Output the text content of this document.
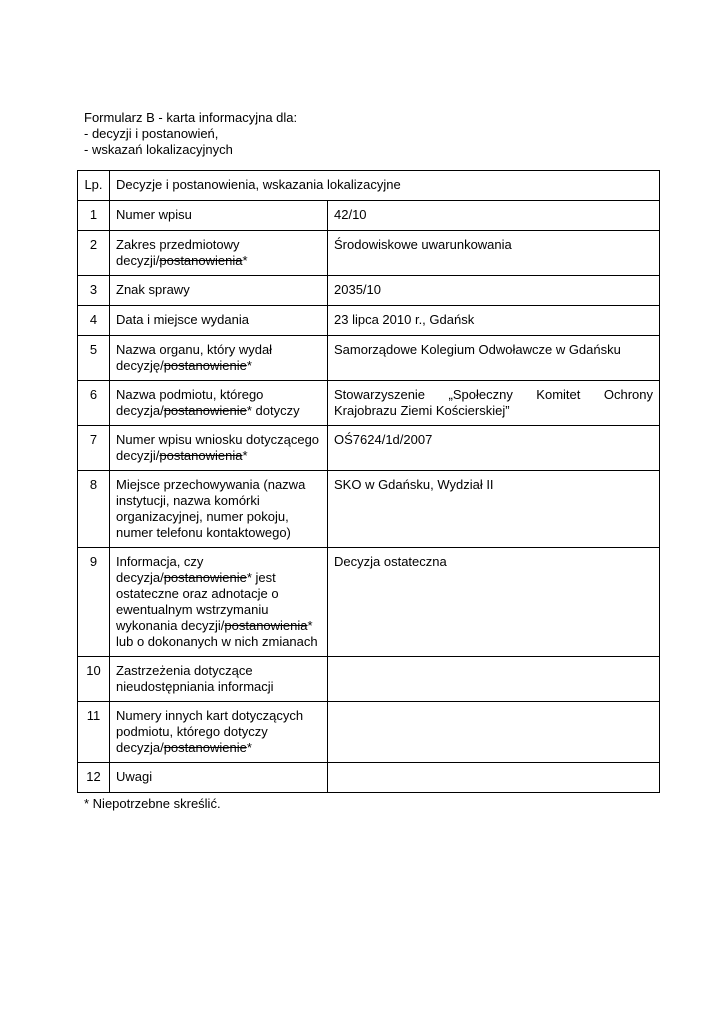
Formularz B - karta informacyjna dla:
- decyzji i postanowień,
- wskazań lokalizacyjnych
Lp.	Decyzje i postanowienia, wskazania lokalizacyjne	
1	Numer wpisu	42/10
2	Zakres przedmiotowy decyzji/postanowienia*	Środowiskowe uwarunkowania
3	Znak sprawy	2035/10
4	Data i miejsce wydania	23 lipca 2010 r., Gdańsk
5	Nazwa organu, który wydał decyzję/postanowienie*	Samorządowe Kolegium Odwoławcze w Gdańsku
6	Nazwa podmiotu, którego decyzja/postanowienie* dotyczy	Stowarzyszenie „Społeczny Komitet Ochrony Krajobrazu Ziemi Kościerskiej”
7	Numer wpisu wniosku dotyczącego decyzji/postanowienia*	OŚ7624/1d/2007
8	Miejsce przechowywania (nazwa instytucji, nazwa komórki organizacyjnej, numer pokoju, numer telefonu kontaktowego)	SKO w Gdańsku, Wydział II
9	Informacja, czy decyzja/postanowienie* jest ostateczne oraz adnotacje o ewentualnym wstrzymaniu wykonania decyzji/postanowienia* lub o dokonanych w nich zmianach	Decyzja ostateczna
10	Zastrzeżenia dotyczące nieudostępniania informacji	
11	Numery innych kart dotyczących podmiotu, którego dotyczy decyzja/postanowienie*	
12	Uwagi	
* Niepotrzebne skreślić.
